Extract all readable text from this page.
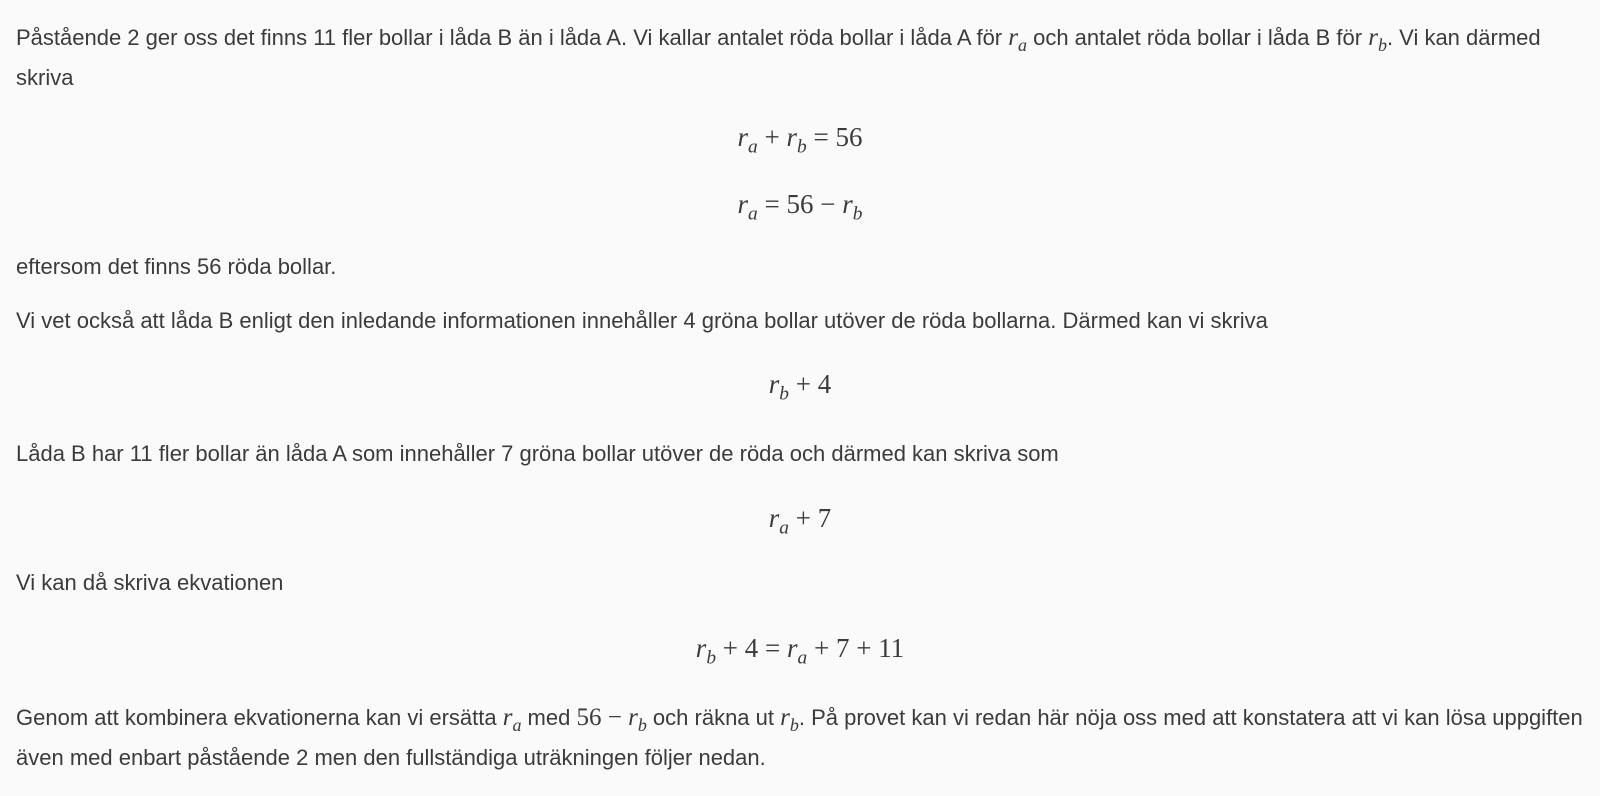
Påstående 2 ger oss det finns 11 fler bollar i låda B än i låda A. Vi kallar antalet röda bollar i låda A för $r_a$ och antalet röda bollar i låda B för $r_b$. Vi kan därmed skriva

$r_a + r_b = 56$
$r_a = 56 - r_b$

eftersom det finns 56 röda bollar.

Vi vet också att låda B enligt den inledande informationen innehåller 4 gröna bollar utöver de röda bollarna. Därmed kan vi skriva

$r_b + 4$

Låda B har 11 fler bollar än låda A som innehåller 7 gröna bollar utöver de röda och därmed kan skriva som

$r_a + 7$

Vi kan då skriva ekvationen

$r_b + 4 = r_a + 7 + 11$

Genom att kombinera ekvationerna kan vi ersätta $r_a$ med $56 - r_b$ och räkna ut $r_b$. På provet kan vi redan här nöja oss med att konstatera att vi kan lösa uppgiften även med enbart påstående 2 men den fullständiga uträkningen följer nedan.
